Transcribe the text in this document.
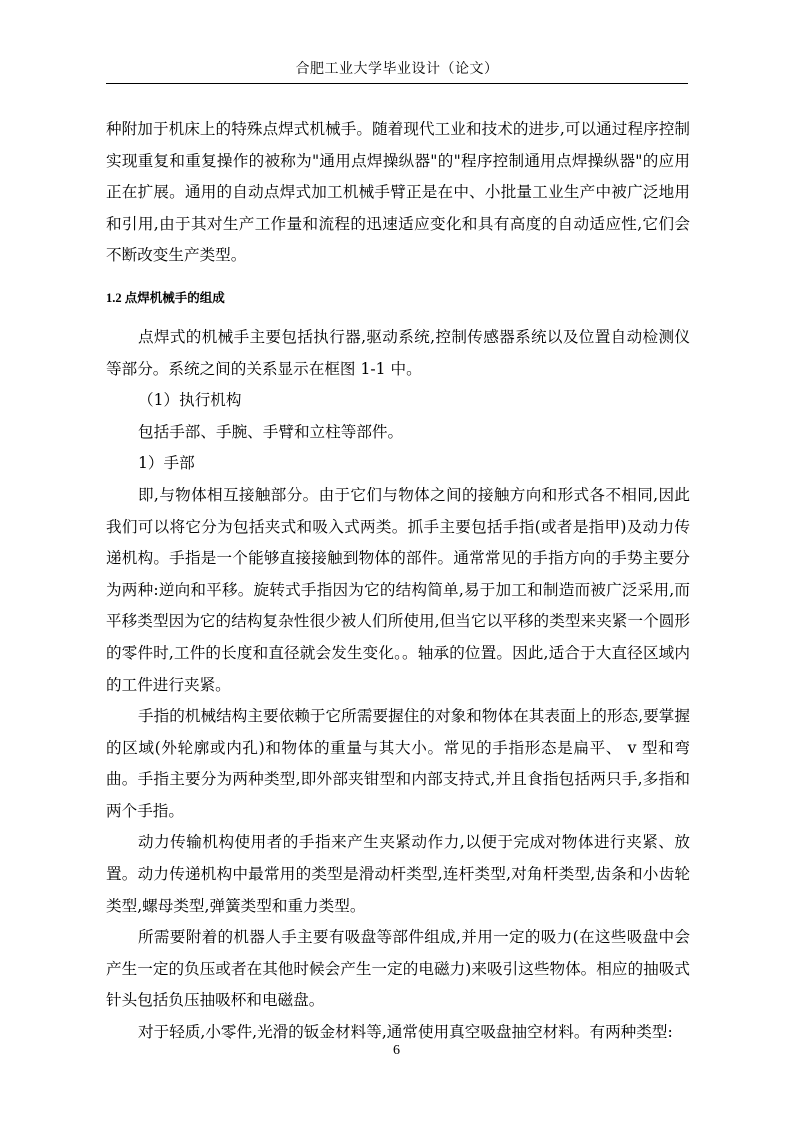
合肥工业大学毕业设计（论文）

种附加于机床上的特殊点焊式机械手。随着现代工业和技术的进步,可以通过程序控制实现重复和重复操作的被称为"通用点焊操纵器"的"程序控制通用点焊操纵器"的应用正在扩展。通用的自动点焊式加工机械手臂正是在中、小批量工业生产中被广泛地用和引用,由于其对生产工作量和流程的迅速适应变化和具有高度的自动适应性,它们会不断改变生产类型。

1.2 点焊机械手的组成

点焊式的机械手主要包括执行器,驱动系统,控制传感器系统以及位置自动检测仪等部分。系统之间的关系显示在框图 1-1 中。

（1）执行机构

包括手部、手腕、手臂和立柱等部件。

1）手部

即,与物体相互接触部分。由于它们与物体之间的接触方向和形式各不相同,因此我们可以将它分为包括夹式和吸入式两类。抓手主要包括手指(或者是指甲)及动力传递机构。手指是一个能够直接接触到物体的部件。通常常见的手指方向的手势主要分为两种:逆向和平移。旋转式手指因为它的结构简单,易于加工和制造而被广泛采用,而平移类型因为它的结构复杂性很少被人们所使用,但当它以平移的类型来夹紧一个圆形的零件时,工件的长度和直径就会发生变化。。轴承的位置。因此,适合于大直径区域内的工件进行夹紧。

手指的机械结构主要依赖于它所需要握住的对象和物体在其表面上的形态,要掌握的区域(外轮廓或内孔)和物体的重量与其大小。常见的手指形态是扁平、 v 型和弯曲。手指主要分为两种类型,即外部夹钳型和内部支持式,并且食指包括两只手,多指和两个手指。

动力传输机构使用者的手指来产生夹紧动作力,以便于完成对物体进行夹紧、放置。动力传递机构中最常用的类型是滑动杆类型,连杆类型,对角杆类型,齿条和小齿轮类型,螺母类型,弹簧类型和重力类型。

所需要附着的机器人手主要有吸盘等部件组成,并用一定的吸力(在这些吸盘中会产生一定的负压或者在其他时候会产生一定的电磁力)来吸引这些物体。相应的抽吸式针头包括负压抽吸杯和电磁盘。

对于轻质,小零件,光滑的钣金材料等,通常使用真空吸盘抽空材料。有两种类型:

6
